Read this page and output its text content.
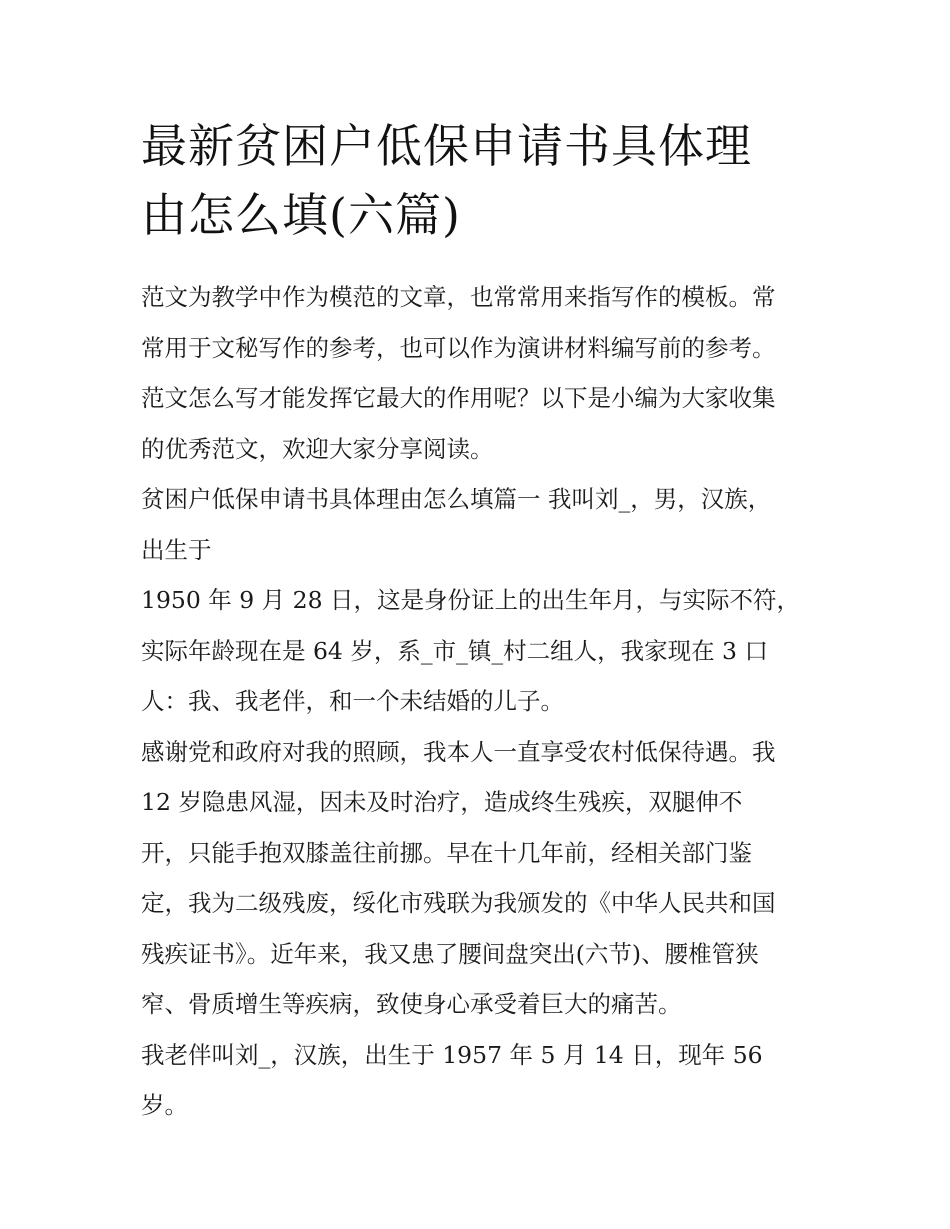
最新贫困户低保申请书具体理
由怎么填(六篇)

范文为教学中作为模范的文章，也常常用来指写作的模板。常

常用于文秘写作的参考，也可以作为演讲材料编写前的参考。

范文怎么写才能发挥它最大的作用呢？以下是小编为大家收集

的优秀范文，欢迎大家分享阅读。

贫困户低保申请书具体理由怎么填篇一 我叫刘_，男，汉族，

出生于

1950 年 9 月 28 日，这是身份证上的出生年月，与实际不符，

实际年龄现在是 64 岁，系_市_镇_村二组人，我家现在 3 口

人：我、我老伴，和一个未结婚的儿子。

感谢党和政府对我的照顾，我本人一直享受农村低保待遇。我

12 岁隐患风湿，因未及时治疗，造成终生残疾，双腿伸不

开，只能手抱双膝盖往前挪。早在十几年前，经相关部门鉴

定，我为二级残废，绥化市残联为我颁发的《中华人民共和国

残疾证书》。近年来，我又患了腰间盘突出(六节)、腰椎管狭

窄、骨质增生等疾病，致使身心承受着巨大的痛苦。

我老伴叫刘_，汉族，出生于 1957 年 5 月 14 日，现年 56 岁。
